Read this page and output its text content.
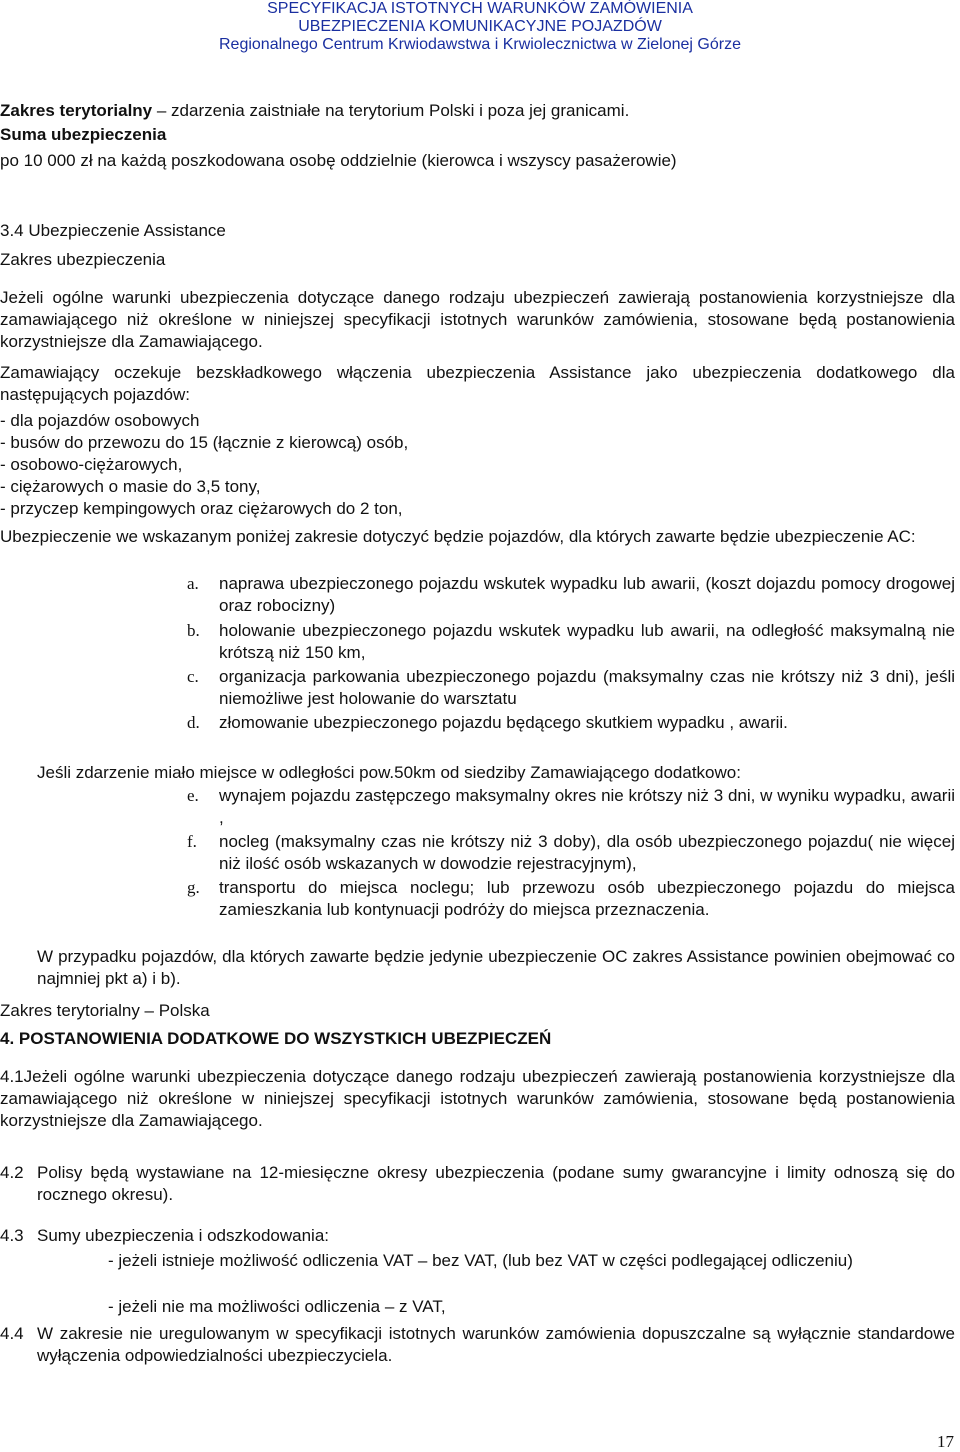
SPECYFIKACJA ISTOTNYCH WARUNKÓW ZAMÓWIENIA
UBEZPIECZENIA KOMUNIKACYJNE POJAZDÓW
Regionalnego Centrum Krwiodawstwa i Krwiolecznictwa w Zielonej Górze
Zakres terytorialny – zdarzenia zaistniałe na terytorium Polski i poza jej granicami.
Suma ubezpieczenia
po 10 000 zł na każdą poszkodowana osobę oddzielnie (kierowca i wszyscy pasażerowie)
3.4 Ubezpieczenie Assistance
Zakres ubezpieczenia
Jeżeli ogólne warunki ubezpieczenia dotyczące danego rodzaju ubezpieczeń zawierają postanowienia korzystniejsze dla zamawiającego niż określone w niniejszej specyfikacji istotnych warunków zamówienia, stosowane będą postanowienia korzystniejsze dla Zamawiającego.
Zamawiający oczekuje bezskładkowego włączenia ubezpieczenia Assistance jako ubezpieczenia dodatkowego dla następujących pojazdów:
- dla pojazdów osobowych
- busów do przewozu do 15 (łącznie z kierowcą) osób,
- osobowo-ciężarowych,
- ciężarowych o masie do 3,5 tony,
- przyczep kempingowych oraz ciężarowych do 2 ton,
Ubezpieczenie we wskazanym poniżej zakresie dotyczyć będzie pojazdów, dla których zawarte będzie ubezpieczenie AC:
a.	naprawa ubezpieczonego pojazdu wskutek wypadku lub awarii, (koszt dojazdu pomocy drogowej oraz robocizny)
b.	holowanie ubezpieczonego pojazdu wskutek wypadku lub awarii, na odległość maksymalną nie krótszą niż 150 km,
c.	organizacja parkowania ubezpieczonego pojazdu (maksymalny czas nie krótszy niż 3 dni), jeśli niemożliwe jest holowanie do warsztatu
d.	złomowanie ubezpieczonego pojazdu będącego skutkiem wypadku , awarii.
Jeśli zdarzenie miało miejsce w odległości pow.50km od siedziby Zamawiającego dodatkowo:
e.	wynajem pojazdu zastępczego maksymalny okres nie krótszy niż 3 dni, w wyniku wypadku, awarii ,
f.	nocleg (maksymalny czas nie krótszy niż 3 doby), dla osób ubezpieczonego pojazdu( nie więcej niż ilość osób wskazanych w dowodzie rejestracyjnym),
g.	transportu do miejsca noclegu; lub przewozu osób ubezpieczonego pojazdu do miejsca zamieszkania lub kontynuacji podróży do miejsca przeznaczenia.
W przypadku pojazdów, dla których zawarte będzie jedynie ubezpieczenie OC zakres Assistance powinien obejmować co najmniej pkt a) i b).
Zakres terytorialny – Polska
4. POSTANOWIENIA DODATKOWE DO WSZYSTKICH UBEZPIECZEŃ
4.1Jeżeli ogólne warunki ubezpieczenia dotyczące danego rodzaju ubezpieczeń zawierają postanowienia korzystniejsze dla zamawiającego niż określone w niniejszej specyfikacji istotnych warunków zamówienia, stosowane będą postanowienia korzystniejsze dla Zamawiającego.
4.2 Polisy będą wystawiane na 12-miesięczne okresy ubezpieczenia (podane sumy gwarancyjne i limity odnoszą się do rocznego okresu).
4.3 Sumy ubezpieczenia i odszkodowania:
- jeżeli istnieje możliwość odliczenia VAT – bez VAT, (lub bez VAT w części podlegającej odliczeniu)
- jeżeli nie ma możliwości odliczenia – z VAT,
4.4 W zakresie nie uregulowanym w specyfikacji istotnych warunków zamówienia dopuszczalne są wyłącznie standardowe wyłączenia odpowiedzialności ubezpieczyciela.
17
